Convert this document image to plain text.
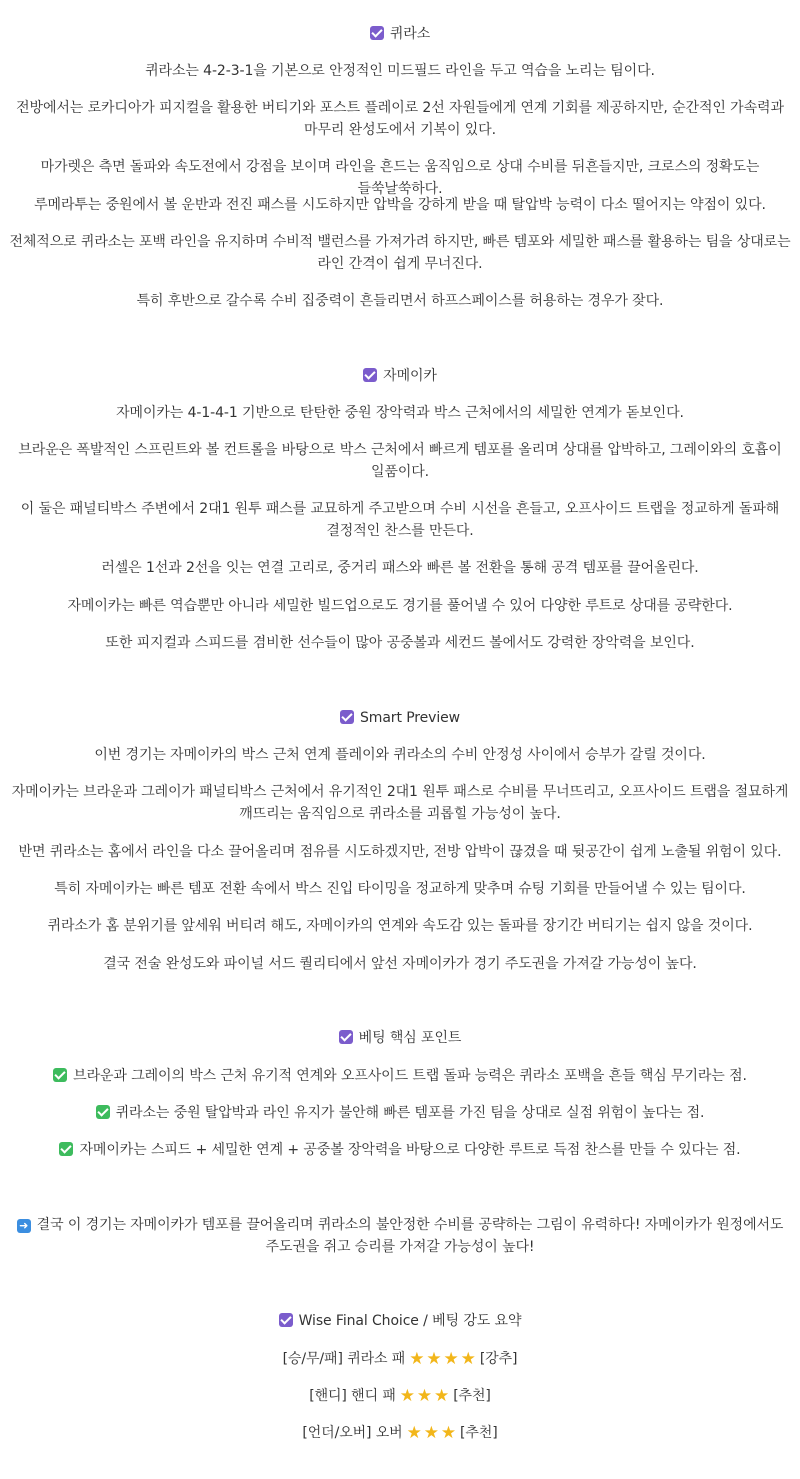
퀴라소
퀴라소는 4-2-3-1을 기본으로 안정적인 미드필드 라인을 두고 역습을 노리는 팀이다.
전방에서는 로카디아가 피지컬을 활용한 버티기와 포스트 플레이로 2선 자원들에게 연계 기회를 제공하지만, 순간적인 가속력과 마무리 완성도에서 기복이 있다.
마가렛은 측면 돌파와 속도전에서 강점을 보이며 라인을 흔드는 움직임으로 상대 수비를 뒤흔들지만, 크로스의 정확도는 들쑥날쑥하다.
루메라투는 중원에서 볼 운반과 전진 패스를 시도하지만 압박을 강하게 받을 때 탈압박 능력이 다소 떨어지는 약점이 있다.
전체적으로 퀴라소는 포백 라인을 유지하며 수비적 밸런스를 가져가려 하지만, 빠른 템포와 세밀한 패스를 활용하는 팀을 상대로는 라인 간격이 쉽게 무너진다.
특히 후반으로 갈수록 수비 집중력이 흔들리면서 하프스페이스를 허용하는 경우가 잦다.
자메이카
자메이카는 4-1-4-1 기반으로 탄탄한 중원 장악력과 박스 근처에서의 세밀한 연계가 돋보인다.
브라운은 폭발적인 스프린트와 볼 컨트롤을 바탕으로 박스 근처에서 빠르게 템포를 올리며 상대를 압박하고, 그레이와의 호흡이 일품이다.
이 둘은 패널티박스 주변에서 2대1 원투 패스를 교묘하게 주고받으며 수비 시선을 흔들고, 오프사이드 트랩을 정교하게 돌파해 결정적인 찬스를 만든다.
러셀은 1선과 2선을 잇는 연결 고리로, 중거리 패스와 빠른 볼 전환을 통해 공격 템포를 끌어올린다.
자메이카는 빠른 역습뿐만 아니라 세밀한 빌드업으로도 경기를 풀어낼 수 있어 다양한 루트로 상대를 공략한다.
또한 피지컬과 스피드를 겸비한 선수들이 많아 공중볼과 세컨드 볼에서도 강력한 장악력을 보인다.
Smart Preview
이번 경기는 자메이카의 박스 근처 연계 플레이와 퀴라소의 수비 안정성 사이에서 승부가 갈릴 것이다.
자메이카는 브라운과 그레이가 패널티박스 근처에서 유기적인 2대1 원투 패스로 수비를 무너뜨리고, 오프사이드 트랩을 절묘하게 깨뜨리는 움직임으로 퀴라소를 괴롭힐 가능성이 높다.
반면 퀴라소는 홈에서 라인을 다소 끌어올리며 점유를 시도하겠지만, 전방 압박이 끊겼을 때 뒷공간이 쉽게 노출될 위험이 있다.
특히 자메이카는 빠른 템포 전환 속에서 박스 진입 타이밍을 정교하게 맞추며 슈팅 기회를 만들어낼 수 있는 팀이다.
퀴라소가 홈 분위기를 앞세워 버티려 해도, 자메이카의 연계와 속도감 있는 돌파를 장기간 버티기는 쉽지 않을 것이다.
결국 전술 완성도와 파이널 서드 퀄리티에서 앞선 자메이카가 경기 주도권을 가져갈 가능성이 높다.
베팅 핵심 포인트
브라운과 그레이의 박스 근처 유기적 연계와 오프사이드 트랩 돌파 능력은 퀴라소 포백을 흔들 핵심 무기라는 점.
퀴라소는 중원 탈압박과 라인 유지가 불안해 빠른 템포를 가진 팀을 상대로 실점 위험이 높다는 점.
자메이카는 스피드 + 세밀한 연계 + 공중볼 장악력을 바탕으로 다양한 루트로 득점 찬스를 만들 수 있다는 점.
➜ 결국 이 경기는 자메이카가 템포를 끌어올리며 퀴라소의 불안정한 수비를 공략하는 그림이 유력하다! 자메이카가 원정에서도 주도권을 쥐고 승리를 가져갈 가능성이 높다!
Wise Final Choice / 베팅 강도 요약
[승/무/패] 퀴라소 패 ★ ★ ★ ★ [강추]
[핸디] 핸디 패 ★ ★ ★ [추천]
[언더/오버] 오버 ★ ★ ★ [추천]
